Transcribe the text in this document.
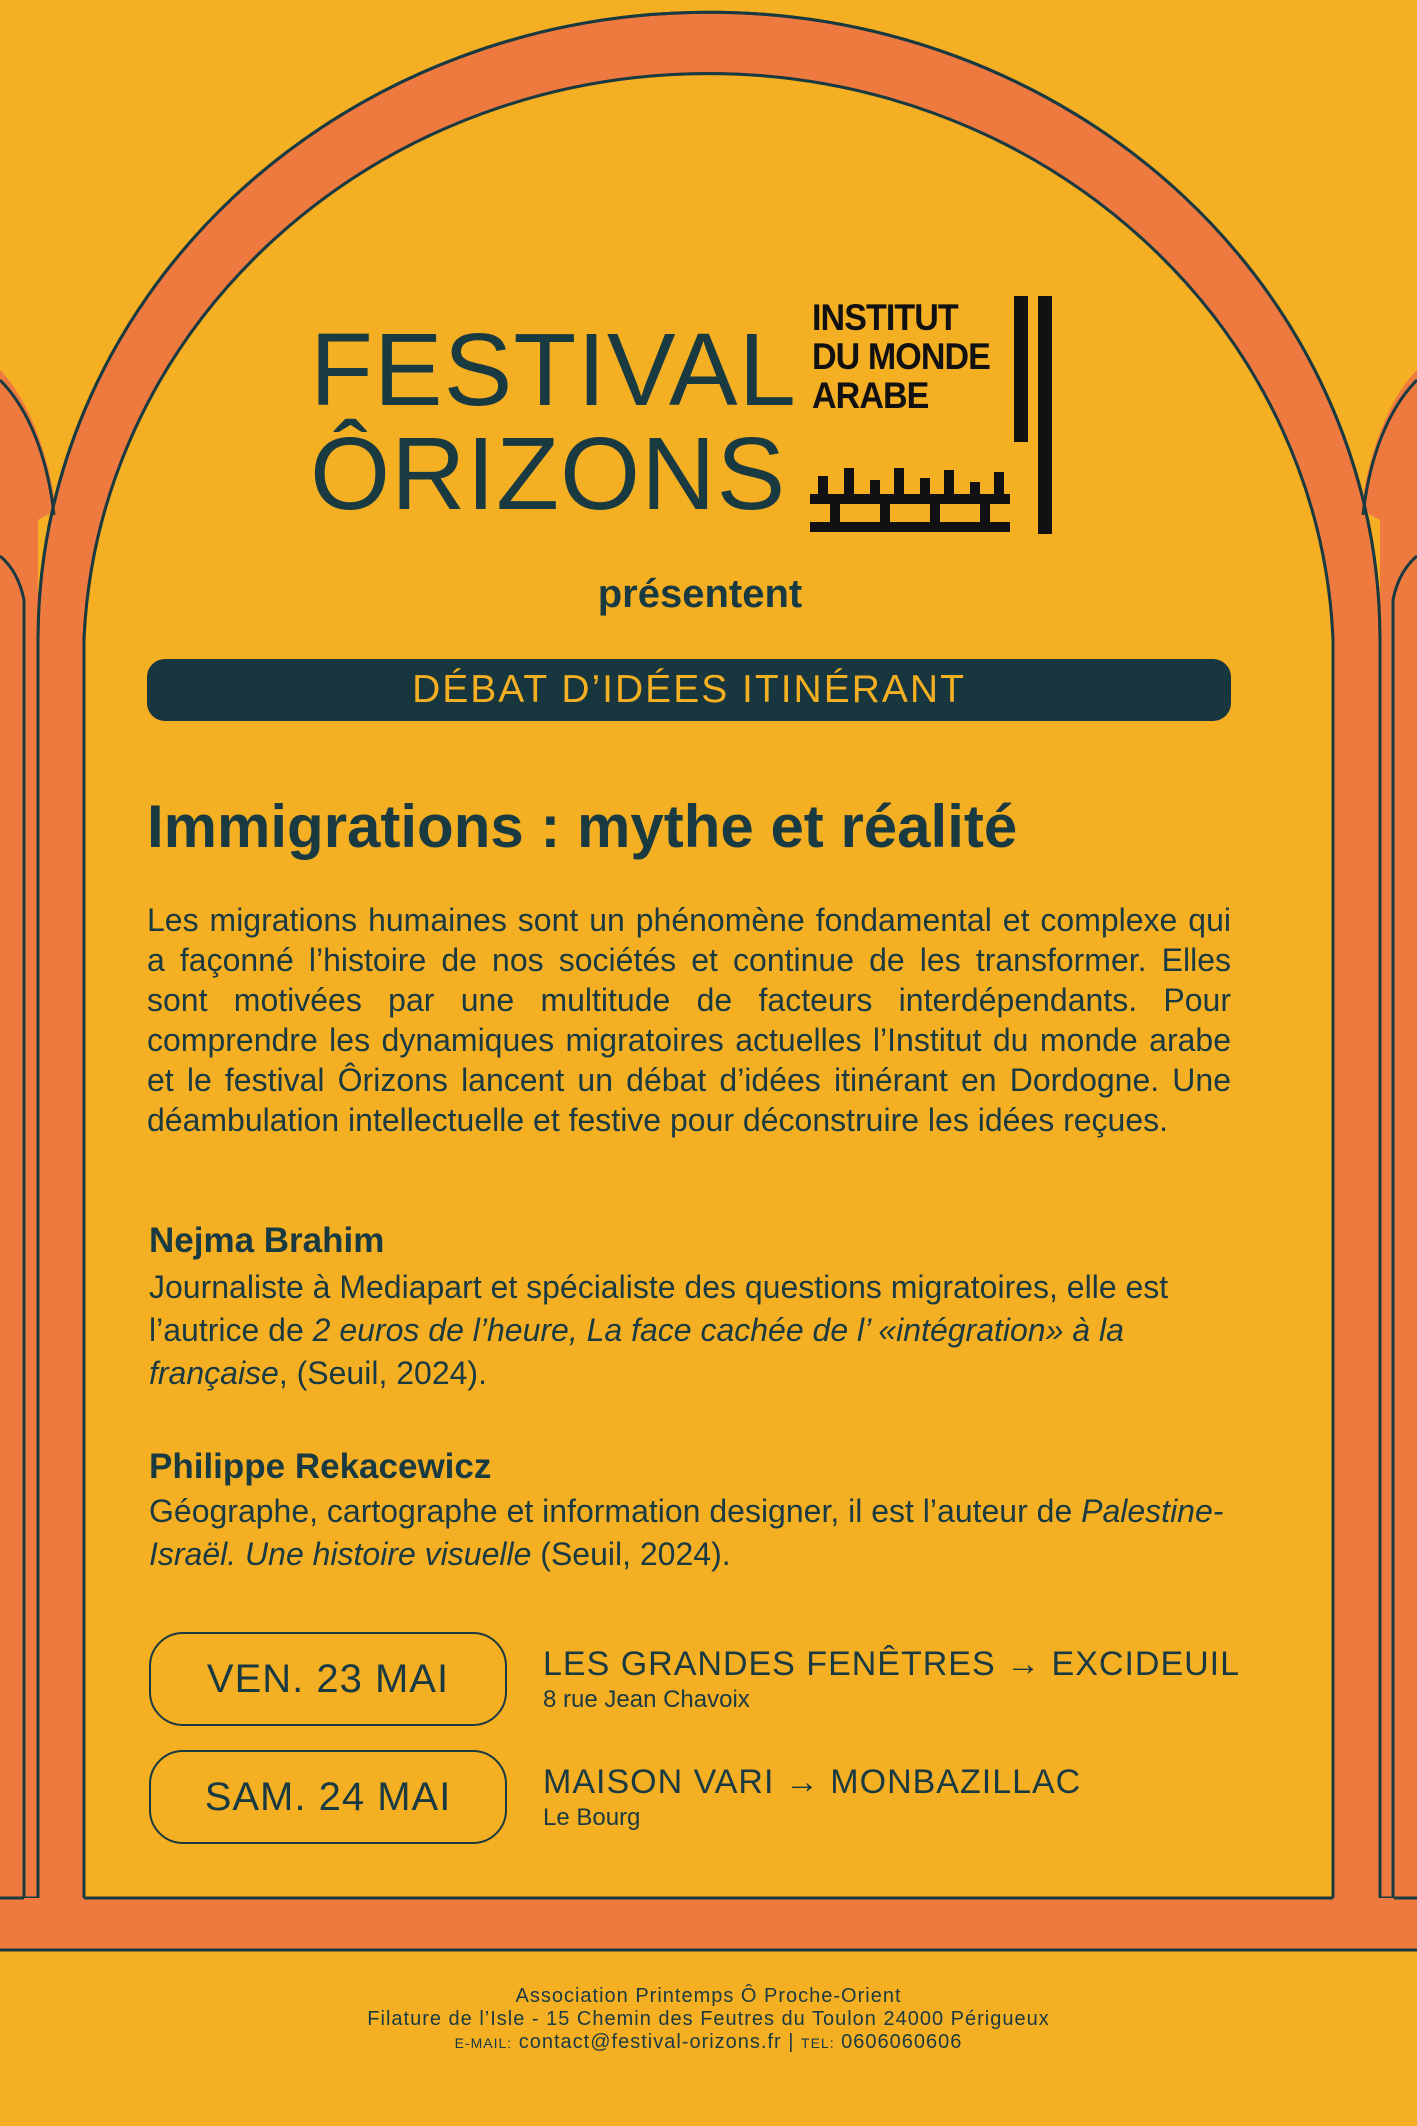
FESTIVAL
ÔRIZONS
INSTITUT
DU MONDE
ARABE
présentent
DÉBAT D’IDÉES ITINÉRANT
Immigrations : mythe et réalité
Les migrations humaines sont un phénomène fondamental et complexe qui a façonné l’histoire de nos sociétés et continue de les transformer. Elles sont motivées par une multitude de facteurs interdépendants. Pour comprendre les dynamiques migratoires actuelles l’Institut du monde arabe et le festival Ôrizons lancent un débat d’idées itinérant en Dordogne. Une déambulation intellectuelle et festive pour déconstruire les idées reçues.
Nejma Brahim
Journaliste à Mediapart et spécialiste des questions migratoires, elle est l’autrice de 2 euros de l’heure, La face cachée de l’ «intégration» à la française, (Seuil, 2024).
Philippe Rekacewicz
Géographe, cartographe et information designer, il est l’auteur de Palestine-Israël. Une histoire visuelle (Seuil, 2024).
VEN. 23 MAI	LES GRANDES FENÊTRES → EXCIDEUIL
8 rue Jean Chavoix
SAM. 24 MAI	MAISON VARI → MONBAZILLAC
Le Bourg
Association Printemps Ô Proche-Orient
Filature de l’Isle - 15 Chemin des Feutres du Toulon 24000 Périgueux
E-MAIL: contact@festival-orizons.fr | TEL: 0606060606
